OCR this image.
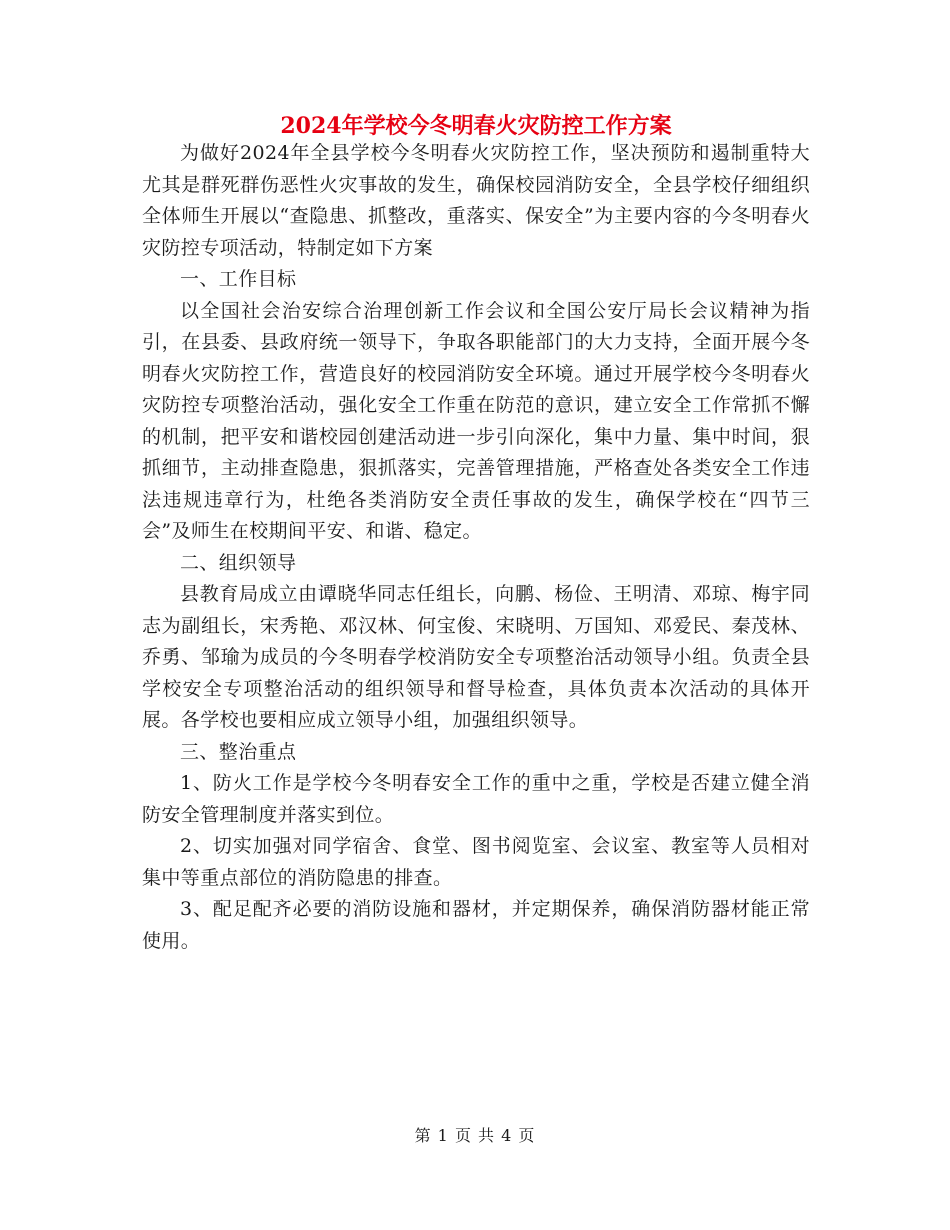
2024年学校今冬明春火灾防控工作方案

为做好2024年全县学校今冬明春火灾防控工作，坚决预防和遏制重特大尤其是群死群伤恶性火灾事故的发生，确保校园消防安全，全县学校仔细组织全体师生开展以“查隐患、抓整改，重落实、保安全”为主要内容的今冬明春火灾防控专项活动，特制定如下方案

一、工作目标

以全国社会治安综合治理创新工作会议和全国公安厅局长会议精神为指引，在县委、县政府统一领导下，争取各职能部门的大力支持，全面开展今冬明春火灾防控工作，营造良好的校园消防安全环境。通过开展学校今冬明春火灾防控专项整治活动，强化安全工作重在防范的意识，建立安全工作常抓不懈的机制，把平安和谐校园创建活动进一步引向深化，集中力量、集中时间，狠抓细节，主动排查隐患，狠抓落实，完善管理措施，严格查处各类安全工作违法违规违章行为，杜绝各类消防安全责任事故的发生，确保学校在“四节三会”及师生在校期间平安、和谐、稳定。

二、组织领导

县教育局成立由谭晓华同志任组长，向鹏、杨俭、王明清、邓琼、梅宇同志为副组长，宋秀艳、邓汉林、何宝俊、宋晓明、万国知、邓爱民、秦茂林、乔勇、邹瑜为成员的今冬明春学校消防安全专项整治活动领导小组。负责全县学校安全专项整治活动的组织领导和督导检查，具体负责本次活动的具体开展。各学校也要相应成立领导小组，加强组织领导。

三、整治重点

1、防火工作是学校今冬明春安全工作的重中之重，学校是否建立健全消防安全管理制度并落实到位。

2、切实加强对同学宿舍、食堂、图书阅览室、会议室、教室等人员相对集中等重点部位的消防隐患的排查。

3、配足配齐必要的消防设施和器材，并定期保养，确保消防器材能正常使用。

第 1 页 共 4 页
